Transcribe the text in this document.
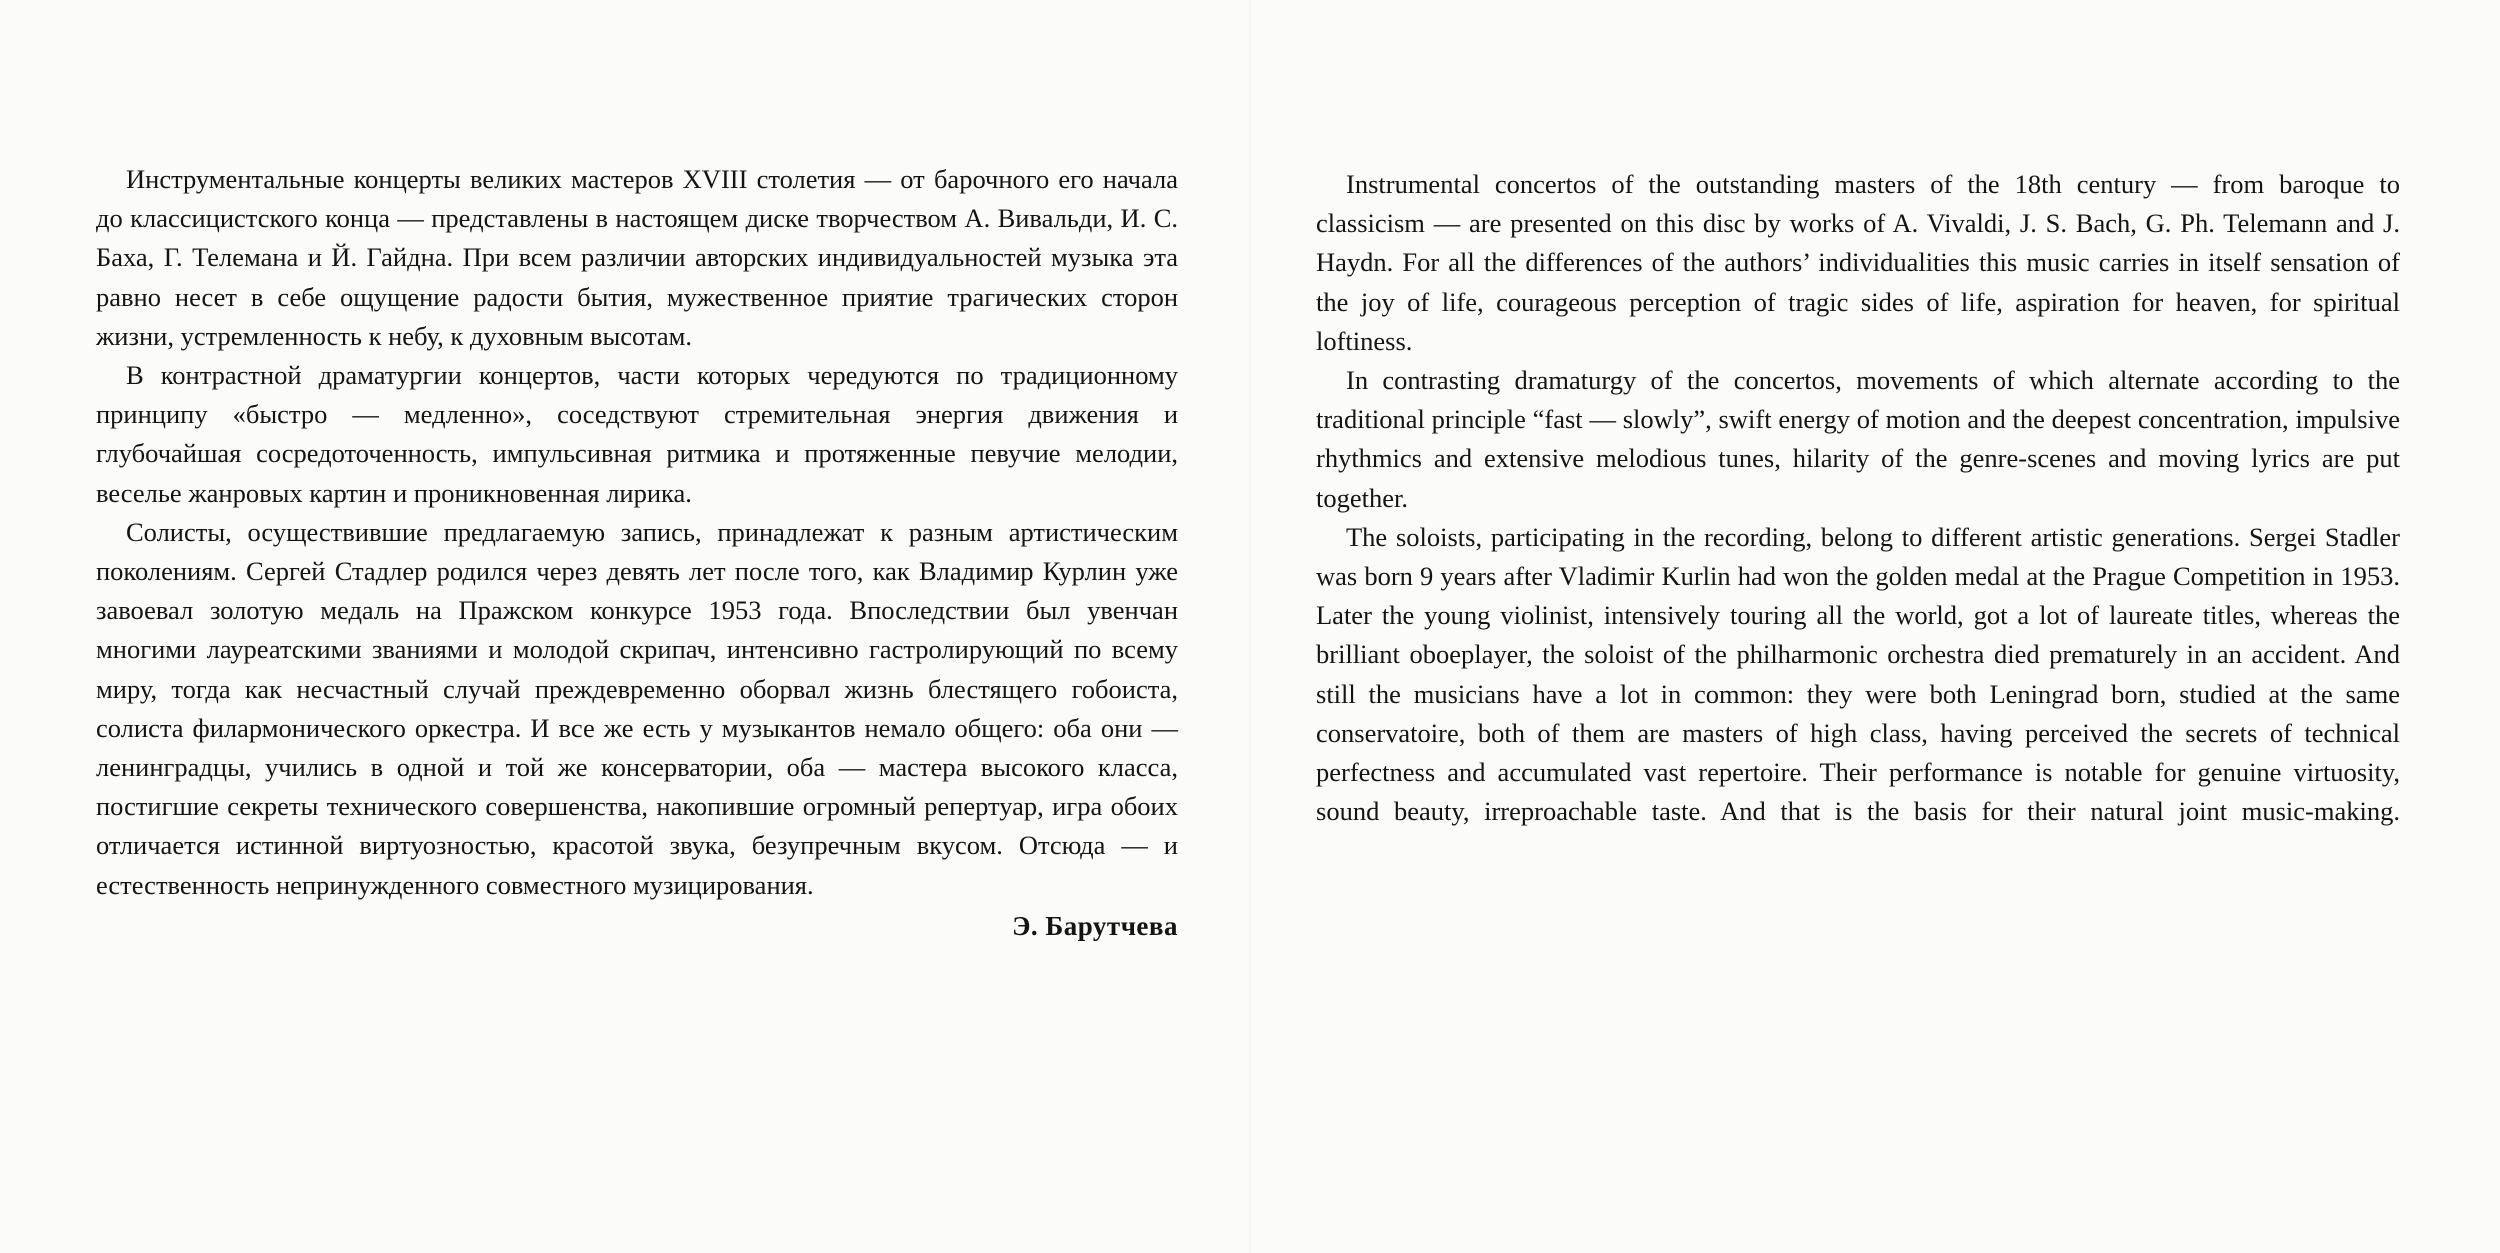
Инструментальные концерты великих мастеров XVIII столетия — от барочного его начала до классицистского конца — представлены в настоящем диске творчеством А. Вивальди, И. С. Баха, Г. Телемана и Й. Гайдна. При всем различии авторских индивидуальностей музыка эта равно несет в себе ощущение радости бытия, мужественное приятие трагических сторон жизни, устремленность к небу, к духовным высотам.

В контрастной драматургии концертов, части которых чередуются по традиционному принципу «быстро — медленно», соседствуют стремительная энергия движения и глубочайшая сосредоточенность, импульсивная ритмика и протяженные певучие мелодии, веселье жанровых картин и проникновенная лирика.

Солисты, осуществившие предлагаемую запись, принадлежат к разным артистическим поколениям. Сергей Стадлер родился через девять лет после того, как Владимир Курлин уже завоевал золотую медаль на Пражском конкурсе 1953 года. Впоследствии был увенчан многими лауреатскими званиями и молодой скрипач, интенсивно гастролирующий по всему миру, тогда как несчастный случай преждевременно оборвал жизнь блестящего гобоиста, солиста филармонического оркестра. И все же есть у музыкантов немало общего: оба они — ленинградцы, учились в одной и той же консерватории, оба — мастера высокого класса, постигшие секреты технического совершенства, накопившие огромный репертуар, игра обоих отличается истинной виртуозностью, красотой звука, безупречным вкусом. Отсюда — и естественность непринужденного совместного музицирования.

Э. Барутчева

Instrumental concertos of the outstanding masters of the 18th century — from baroque to classicism — are presented on this disc by works of A. Vivaldi, J. S. Bach, G. Ph. Telemann and J. Haydn. For all the differences of the authors’ individualities this music carries in itself sensation of the joy of life, courageous perception of tragic sides of life, aspiration for heaven, for spiritual loftiness.

In contrasting dramaturgy of the concertos, movements of which alternate according to the traditional principle “fast — slowly”, swift energy of motion and the deepest concentration, impulsive rhythmics and extensive melodious tunes, hilarity of the genre-scenes and moving lyrics are put together.

The soloists, participating in the recording, belong to different artistic generations. Sergei Stadler was born 9 years after Vladimir Kurlin had won the golden medal at the Prague Competition in 1953. Later the young violinist, intensively touring all the world, got a lot of laureate titles, whereas the brilliant oboeplayer, the soloist of the philharmonic orchestra died prematurely in an accident. And still the musicians have a lot in common: they were both Leningrad born, studied at the same conservatoire, both of them are masters of high class, having perceived the secrets of technical perfectness and accumulated vast repertoire. Their performance is notable for genuine virtuosity, sound beauty, irreproachable taste. And that is the basis for their natural joint music-making.
